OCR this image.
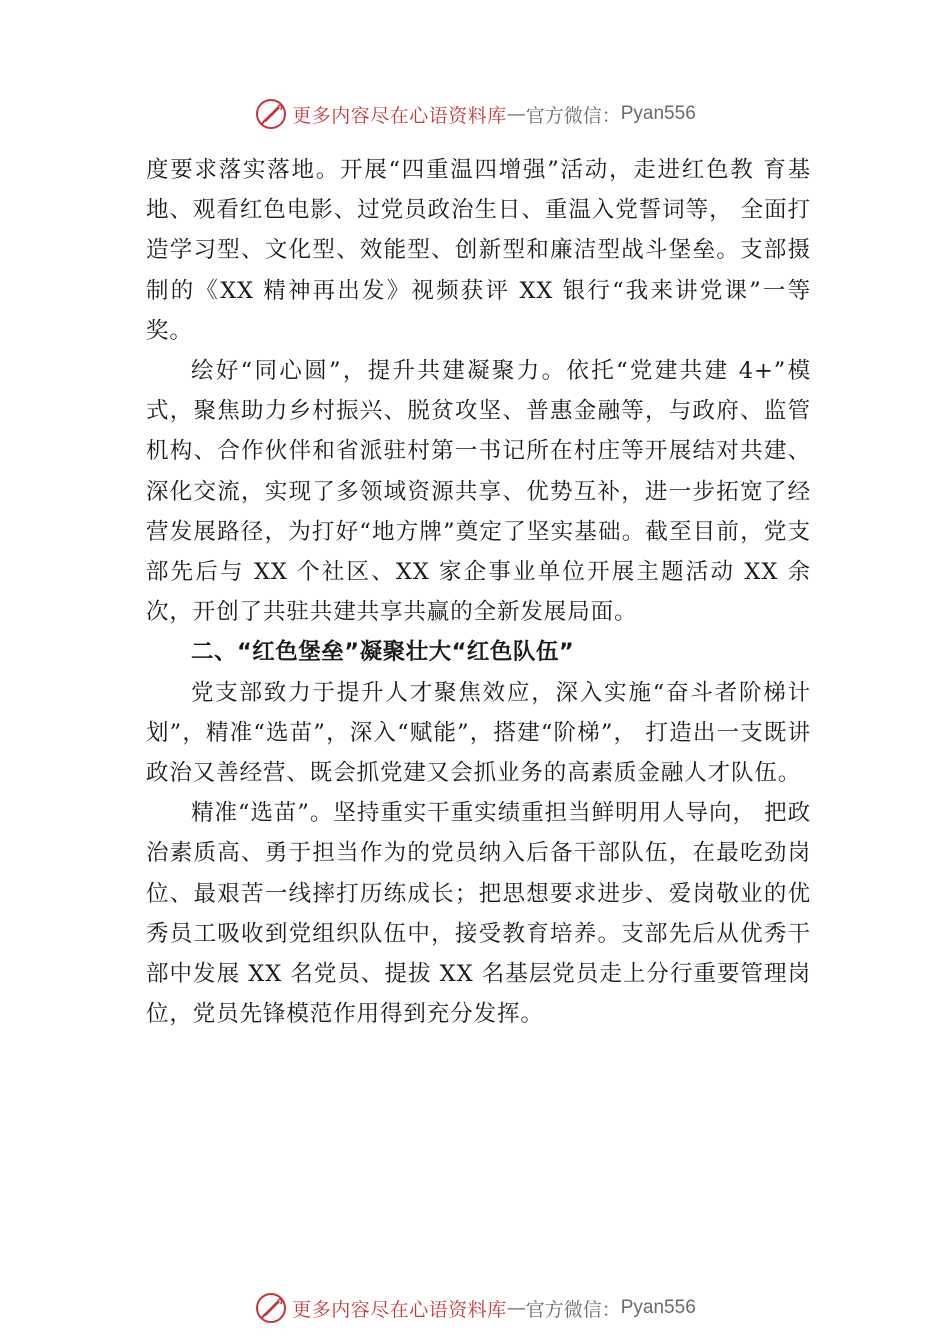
更多内容尽在心语资料库 — 官方微信： Pyan556

度要求落实落地。开展“四重温四增强”活动，走进红色教 育基地、观看红色电影、过党员政治生日、重温入党誓词等， 全面打造学习型、文化型、效能型、创新型和廉洁型战斗堡垒。支部摄制的《XX 精神再出发》视频获评 XX 银行“我来讲党课”一等奖。

绘好“同心圆”，提升共建凝聚力。依托“党建共建 4+”模式，聚焦助力乡村振兴、脱贫攻坚、普惠金融等，与政府、监管机构、合作伙伴和省派驻村第一书记所在村庄等开展结对共建、深化交流，实现了多领域资源共享、优势互补，进一步拓宽了经营发展路径，为打好“地方牌”奠定了坚实基础。截至目前，党支部先后与 XX 个社区、XX 家企事业单位开展主题活动 XX 余次，开创了共驻共建共享共赢的全新发展局面。

二、“红色堡垒”凝聚壮大“红色队伍”

党支部致力于提升人才聚焦效应，深入实施“奋斗者阶梯计划”，精准“选苗”，深入“赋能”，搭建“阶梯”， 打造出一支既讲政治又善经营、既会抓党建又会抓业务的高素质金融人才队伍。

精准“选苗”。坚持重实干重实绩重担当鲜明用人导向， 把政治素质高、勇于担当作为的党员纳入后备干部队伍，在最吃劲岗位、最艰苦一线摔打历练成长；把思想要求进步、爱岗敬业的优秀员工吸收到党组织队伍中，接受教育培养。支部先后从优秀干部中发展 XX 名党员、提拔 XX 名基层党员走上分行重要管理岗位，党员先锋模范作用得到充分发挥。

更多内容尽在心语资料库 — 官方微信： Pyan556
